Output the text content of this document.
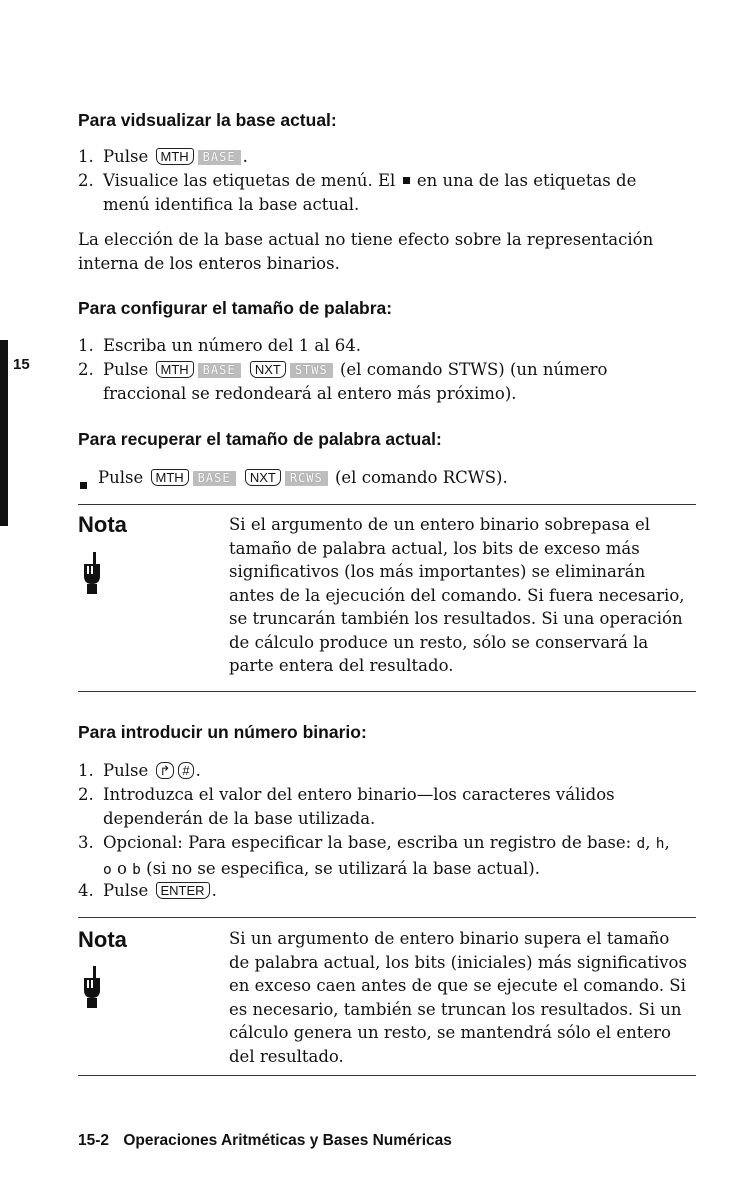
15
Para vidsualizar la base actual:
1. Pulse MTH BASE .
2. Visualice las etiquetas de menú. El en una de las etiquetas de menú identifica la base actual.
La elección de la base actual no tiene efecto sobre la representación interna de los enteros binarios.
Para configurar el tamaño de palabra:
1. Escriba un número del 1 al 64.
2. Pulse MTH BASE NXT STWS (el comando STWS) (un número fraccional se redondeará al entero más próximo).
Para recuperar el tamaño de palabra actual:
Pulse MTH BASE NXT RCWS (el comando RCWS).
Nota	Si el argumento de un entero binario sobrepasa el tamaño de palabra actual, los bits de exceso más significativos (los más importantes) se eliminarán antes de la ejecución del comando. Si fuera necesario, se truncarán también los resultados. Si una operación de cálculo produce un resto, sólo se conservará la parte entera del resultado.
Para introducir un número binario:
1. Pulse ↱ # .
2. Introduzca el valor del entero binario—los caracteres válidos dependerán de la base utilizada.
3. Opcional: Para especificar la base, escriba un registro de base: d, h, o o b (si no se especifica, se utilizará la base actual).
4. Pulse ENTER .
Nota	Si un argumento de entero binario supera el tamaño de palabra actual, los bits (iniciales) más significativos en exceso caen antes de que se ejecute el comando. Si es necesario, también se truncan los resultados. Si un cálculo genera un resto, se mantendrá sólo el entero del resultado.
15-2 Operaciones Aritméticas y Bases Numéricas
